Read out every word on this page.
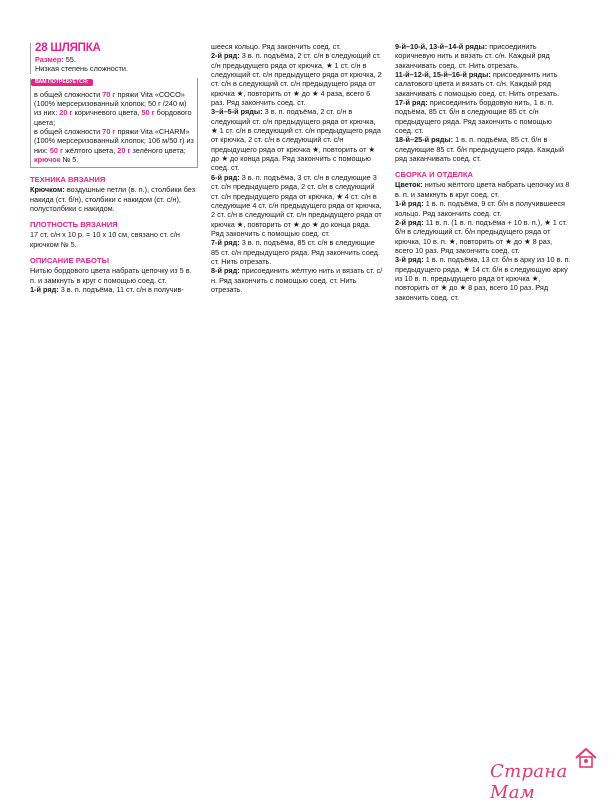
28 ШЛЯПКА

Размер: 55.

Низкая степень сложности.

ВАМ ПОТРЕБУЕТСЯ:

в общей сложности 70 г пряжи Vita «COCO» (100% мерсеризованный хлопок; 50 г /240 м) из них: 20 г коричневого цвета, 50 г бордового цвета;

в общей сложности 70 г пряжи Vita «CHARM» (100% мерсеризованный хлопок; 106 м/50 г) из них: 50 г жёлтого цвета, 20 г зелёного цвета;

крючок № 5.

ТЕХНИКА ВЯЗАНИЯ

Крючком: воздушные петли (в. п.), столбики без накида (ст. б/н), столбики с накидом (ст. с/н), полустолбики с накидом.

ПЛОТНОСТЬ ВЯЗАНИЯ

17 ст. с/н х 10 р. = 10 х 10 см, связано ст. с/н крючком № 5.

ОПИСАНИЕ РАБОТЫ

Нитью бордового цвета набрать цепочку из 5 в. п. и замкнуть в круг с помощью соед. ст.

1-й ряд: 3 в. п. подъёма, 11 ст. с/н в получив-

шееся кольцо. Ряд закончить соед. ст.

2-й ряд: 3 в. п. подъёма, 2 ст. с/н в следующий ст. с/н предыдущего ряда от крючка, ★ 1 ст. с/н в следующий ст. с/н предыдущего ряда от крючка, 2 ст. с/н в следующий ст. с/н предыдущего ряда от крючка ★, повторить от ★ до ★ 4 раза, всего 6 раз. Ряд закончить соед. ст.

3–й–5-й ряды: 3 в. п. подъёма, 2 ст. с/н в следующий ст. с/н предыдущего ряда от крючка, ★ 1 ст. с/н в следующий ст. с/н предыдущего ряда от крючка, 2 ст. с/н в следующий ст. с/н предыдущего ряда от крючка ★, повторить от ★ до ★ до конца ряда. Ряд закончить с помощью соед. ст.

6-й ряд: 3 в. п. подъёма, 3 ст. с/н в следующие 3 ст. с/н предыдущего ряда, 2 ст. с/н в следующий ст. с/н предыдущего ряда от крючка, ★ 4 ст. с/н в следующие 4 ст. с/н предыдущего ряда от крючка, 2 ст. с/н в следующий ст. с/н предыдущего ряда от крючка ★, повторить от ★ до ★ до конца ряда. Ряд закончить с помощью соед. ст.

7-й ряд: 3 в. п. подъёма, 85 ст. с/н в следующие 85 ст. с/н предыдущего ряда. Ряд закончить соед. ст. Нить отрезать.

8-й ряд: присоединить жёлтую нить и вязать ст. с/н. Ряд закончить с помощью соед. ст. Нить отрезать.

9-й–10-й, 13-й–14-й ряды: присоединить коричневую нить и вязать ст. с/н. Каждый ряд заканчивать соед. ст. Нить отрезать.

11-й–12-й, 15-й–16-й ряды: присоединить нить салатового цвета и вязать ст. с/н. Каждый ряд заканчивать с помощью соед. ст. Нить отрезать.

17-й ряд: присоединить бордовую нить, 1 в. п. подъёма, 85 ст. б/н в следующие 85 ст. с/н предыдущего ряда. Ряд закончить с помощью соед. ст.

18-й–25-й ряды: 1 в. п. подъёма, 85 ст. б/н в следующие 85 ст. б/н предыдущего ряда. Каждый ряд заканчивать соед. ст.

СБОРКА И ОТДЕЛКА

Цветок: нитью жёлтого цвета набрать цепочку из 8 в. п. и замкнуть в круг соед. ст.

1-й ряд: 1 в. п. подъёма, 9 ст. б/н в получившееся кольцо. Ряд закончить соед. ст.

2-й ряд: 11 в. п. (1 в. п. подъёма + 10 в. п.), ★ 1 ст. б/н в следующий ст. б/н предыдущего ряда от крючка, 10 в. п. ★, повторить от ★ до ★ 8 раз, всего 10 раз. Ряд закончить соед. ст.

3-й ряд: 1 в. п. подъёма, 13 ст. б/н в арку из 10 в. п. предыдущего ряда, ★ 14 ст. б/н в следующую арку из 10 в. п. предыдущего ряда от крючка ★, повторить от ★ до ★ 8 раз, всего 10 раз. Ряд закончить соед. ст.

Страна Мам
